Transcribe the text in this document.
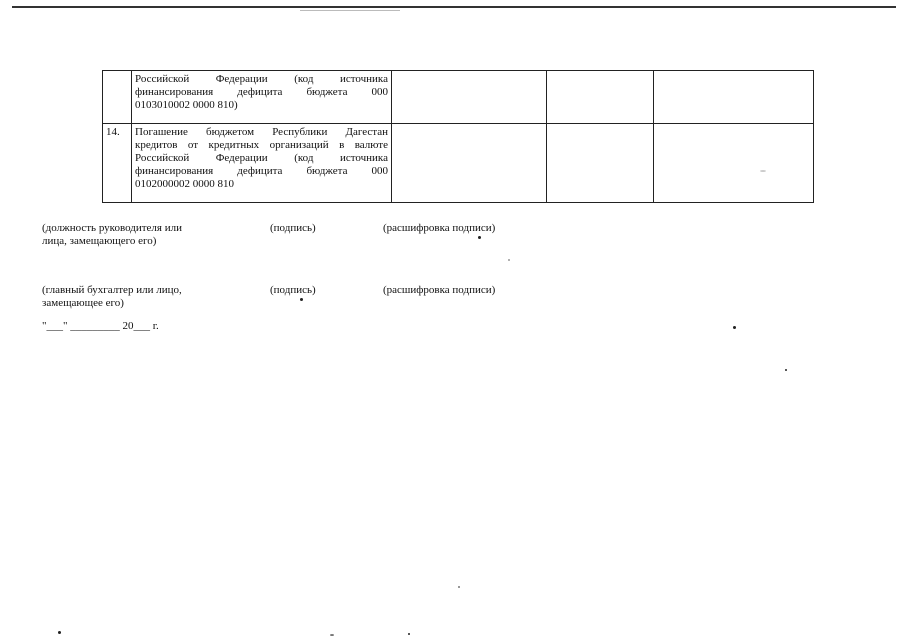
	Российской Федерации (код источника
финансирования дефицита бюджета 000
0103010002 0000 810)			

14.	Погашение бюджетом Республики Дагестан
кредитов от кредитных организаций в валюте
Российской Федерации (код источника
финансирования дефицита бюджета 000
0102000002 0000 810			

(должность руководителя или
лица, замещающего его)
(подпись)	(расшифровка подписи)
(главный бухгалтер или лицо,
замещающее его)
(подпись)	(расшифровка подписи)
"___" _________ 20___ г.
